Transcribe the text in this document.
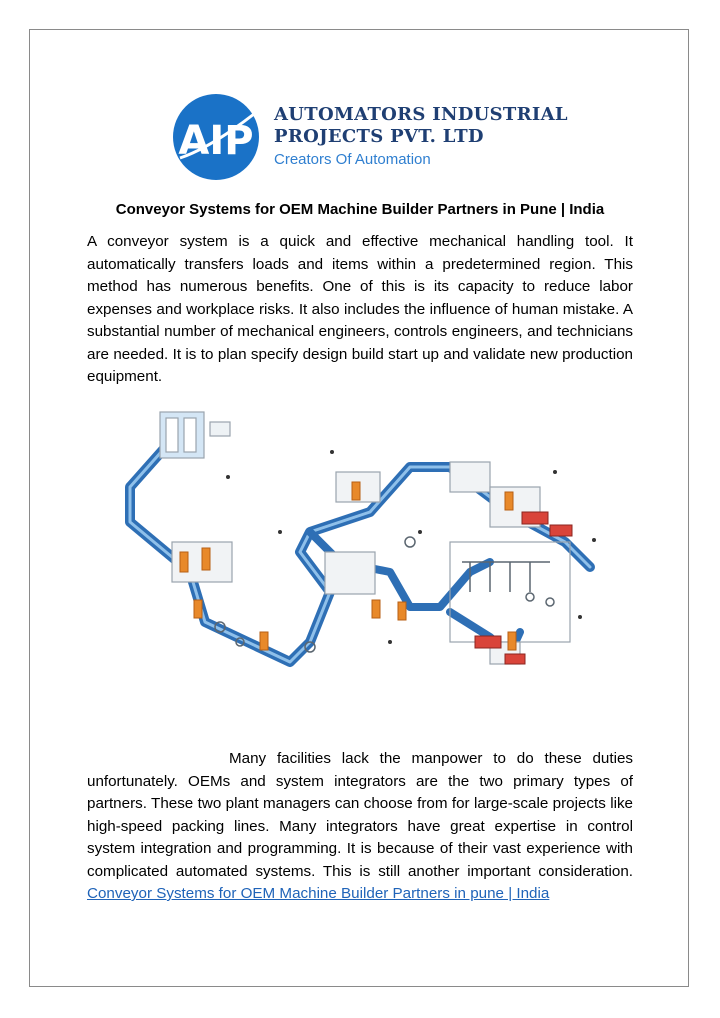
AIP
AUTOMATORS INDUSTRIAL
PROJECTS PVT. LTD
Creators Of Automation
Conveyor Systems for OEM Machine Builder Partners in Pune | India

A conveyor system is a quick and effective mechanical handling tool. It automatically transfers loads and items within a predetermined region. This method has numerous benefits. One of this is its capacity to reduce labor expenses and workplace risks. It also includes the influence of human mistake. A substantial number of mechanical engineers, controls engineers, and technicians are needed. It is to plan specify design build start up and validate new production equipment.

Many facilities lack the manpower to do these duties unfortunately. OEMs and system integrators are the two primary types of partners. These two plant managers can choose from for large-scale projects like high-speed packing lines. Many integrators have great expertise in control system integration and programming. It is because of their vast experience with complicated automated systems. This is still another important consideration. Conveyor Systems for OEM Machine Builder Partners in pune | India
